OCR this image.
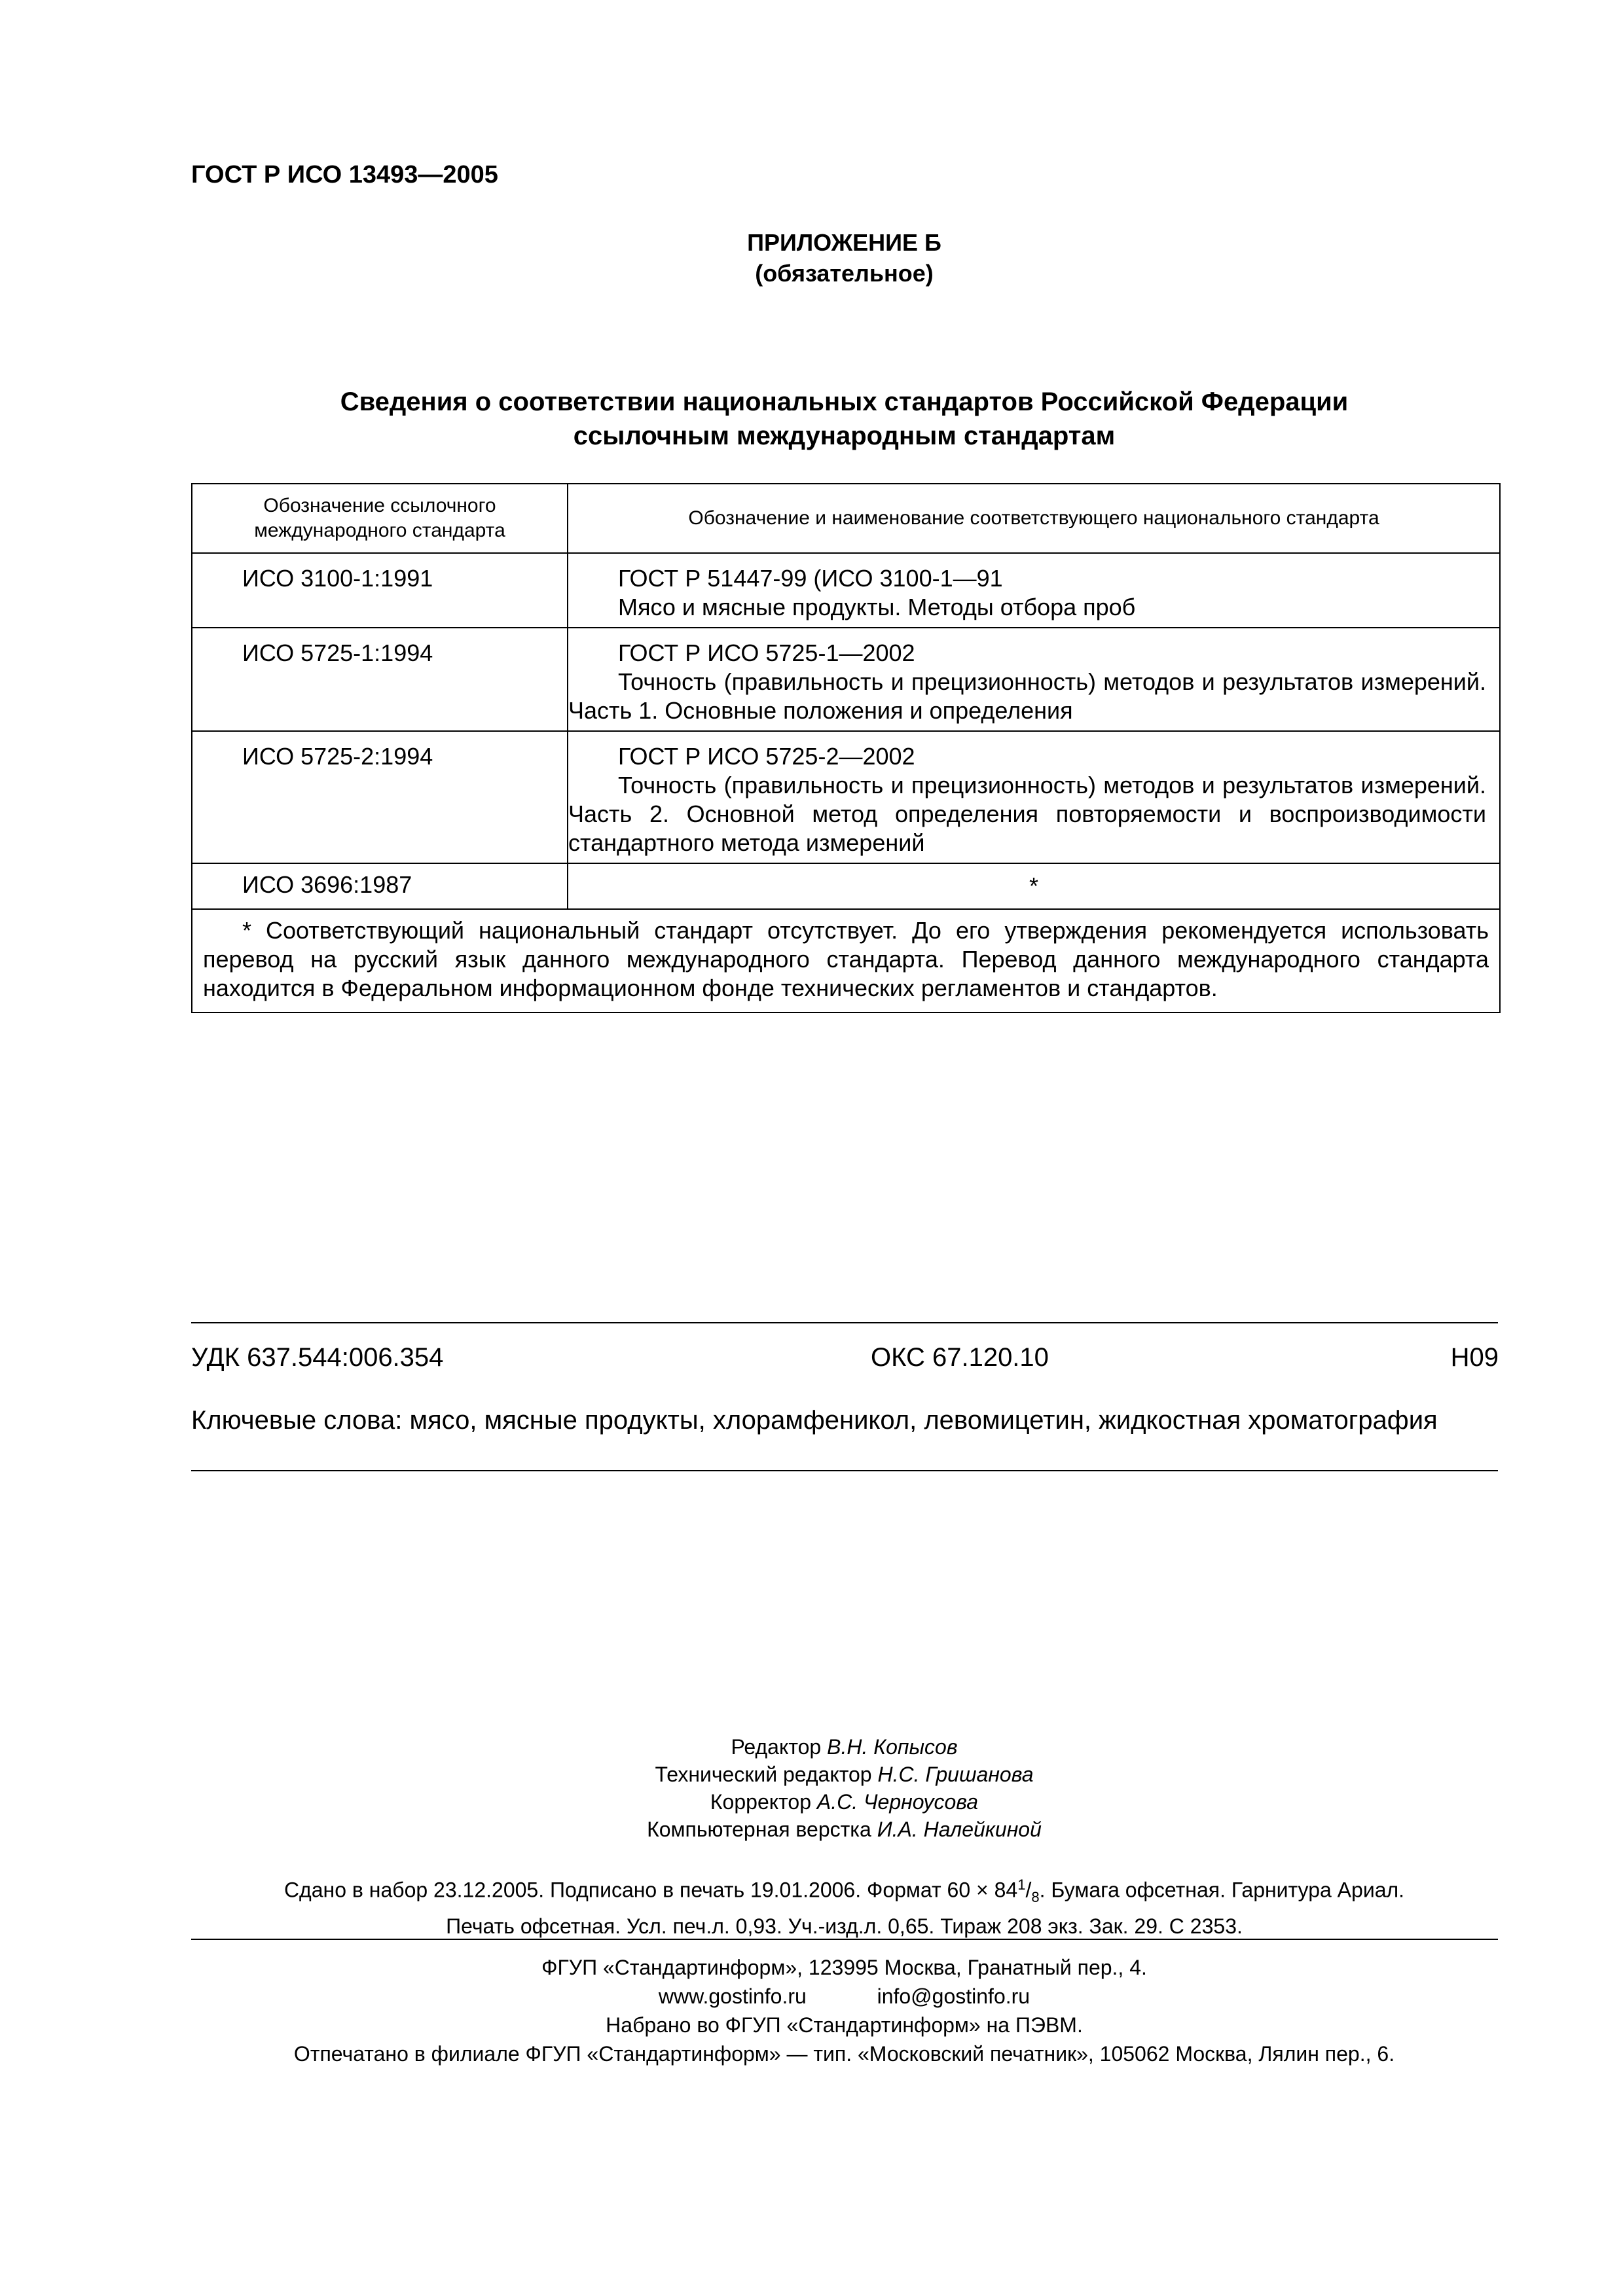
ГОСТ Р ИСО 13493—2005
ПРИЛОЖЕНИЕ Б
(обязательное)
Сведения о соответствии национальных стандартов Российской Федерации
ссылочным международным стандартам
Обозначение ссылочного международного стандарта	Обозначение и наименование соответствующего национального стандарта
ИСО 3100-1:1991	ГОСТ Р 51447-99 (ИСО 3100-1—91
Мясо и мясные продукты. Методы отбора проб

ИСО 5725-1:1994	ГОСТ Р ИСО 5725-1—2002
Точность (правильность и прецизионность) методов и результатов измерений. Часть 1. Основные положения и определения

ИСО 5725-2:1994	ГОСТ Р ИСО 5725-2—2002
Точность (правильность и прецизионность) методов и результатов измерений. Часть 2. Основной метод определения повторяемости и воспроизводимости стандартного метода измерений

ИСО 3696:1987	*
* Соответствующий национальный стандарт отсутствует. До его утверждения рекомендуется использовать перевод на русский язык данного международного стандарта. Перевод данного международного стандарта находится в Федеральном информационном фонде технических регламентов и стандартов.	
УДК 637.544:006.354	ОКС 67.120.10	Н09
Ключевые слова: мясо, мясные продукты, хлорамфеникол, левомицетин, жидкостная хроматография
Редактор В.Н. Копысов
Технический редактор Н.С. Гришанова
Корректор А.С. Черноусова
Компьютерная верстка И.А. Налейкиной
Сдано в набор 23.12.2005. Подписано в печать 19.01.2006. Формат $60 \times 84^1/_8$. Бумага офсетная. Гарнитура Ариал.
Печать офсетная. Усл. печ.л. 0,93. Уч.-изд.л. 0,65. Тираж 208 экз. Зак. 29. С 2353.
ФГУП «Стандартинформ», 123995 Москва, Гранатный пер., 4.
www.gostinfo.ru	info@gostinfo.ru
Набрано во ФГУП «Стандартинформ» на ПЭВМ.
Отпечатано в филиале ФГУП «Стандартинформ» — тип. «Московский печатник», 105062 Москва, Лялин пер., 6.
